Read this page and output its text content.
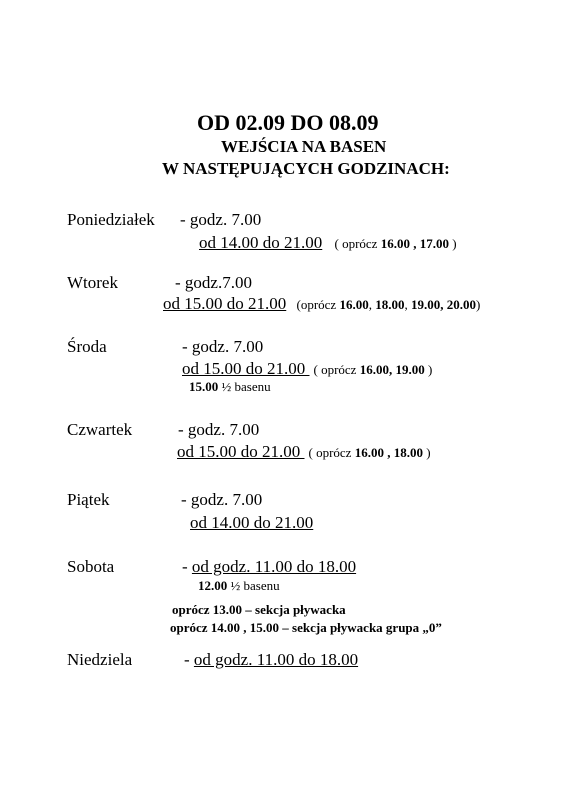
OD 02.09 DO 08.09
WEJŚCIA NA BASEN
W NASTĘPUJĄCYCH GODZINACH:
Poniedziałek - godz. 7.00
od 14.00 do 21.00 ( oprócz 16.00 , 17.00 )
Wtorek	- godz.7.00
od 15.00 do 21.00 (oprócz 16.00, 18.00, 19.00, 20.00)
Środa	- godz. 7.00
od 15.00 do 21.00 ( oprócz 16.00, 19.00 )
15.00 ½ basenu
Czwartek	- godz. 7.00
od 15.00 do 21.00 ( oprócz 16.00 , 18.00 )
Piątek	- godz. 7.00
od 14.00 do 21.00
Sobota	- od godz. 11.00 do 18.00
12.00 ½ basenu
oprócz 13.00 – sekcja pływacka
oprócz 14.00 , 15.00 – sekcja pływacka grupa „0”
Niedziela	- od godz. 11.00 do 18.00
